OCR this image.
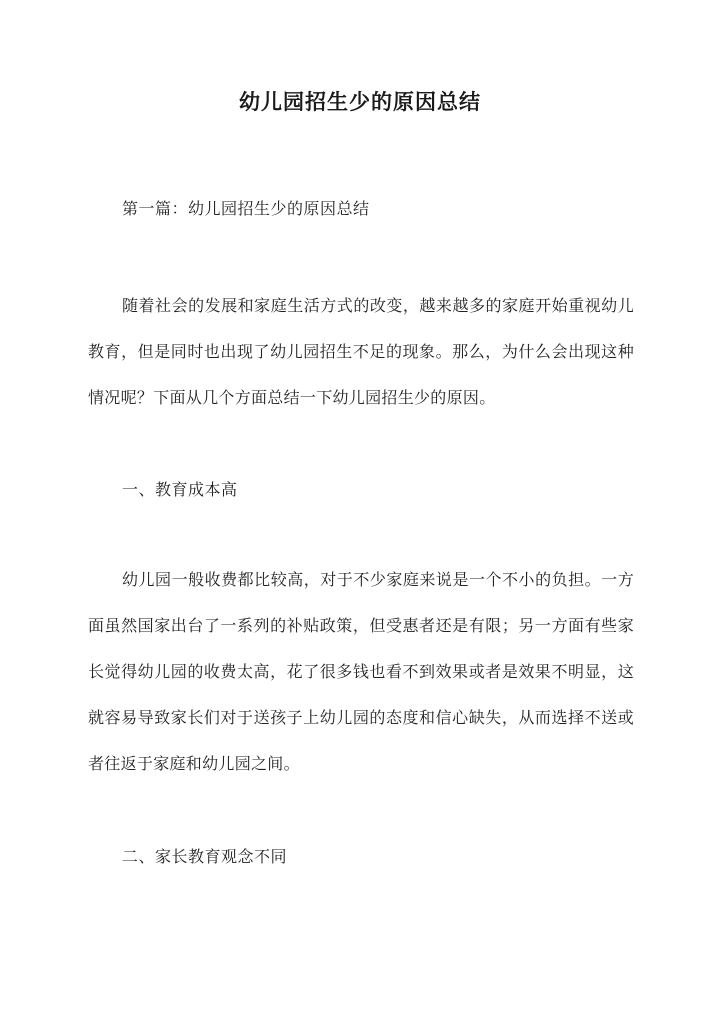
幼儿园招生少的原因总结

第一篇：幼儿园招生少的原因总结

随着社会的发展和家庭生活方式的改变，越来越多的家庭开始重视幼儿教育，但是同时也出现了幼儿园招生不足的现象。那么，为什么会出现这种情况呢？下面从几个方面总结一下幼儿园招生少的原因。

一、教育成本高

幼儿园一般收费都比较高，对于不少家庭来说是一个不小的负担。一方面虽然国家出台了一系列的补贴政策，但受惠者还是有限；另一方面有些家长觉得幼儿园的收费太高，花了很多钱也看不到效果或者是效果不明显，这就容易导致家长们对于送孩子上幼儿园的态度和信心缺失，从而选择不送或者往返于家庭和幼儿园之间。

二、家长教育观念不同
